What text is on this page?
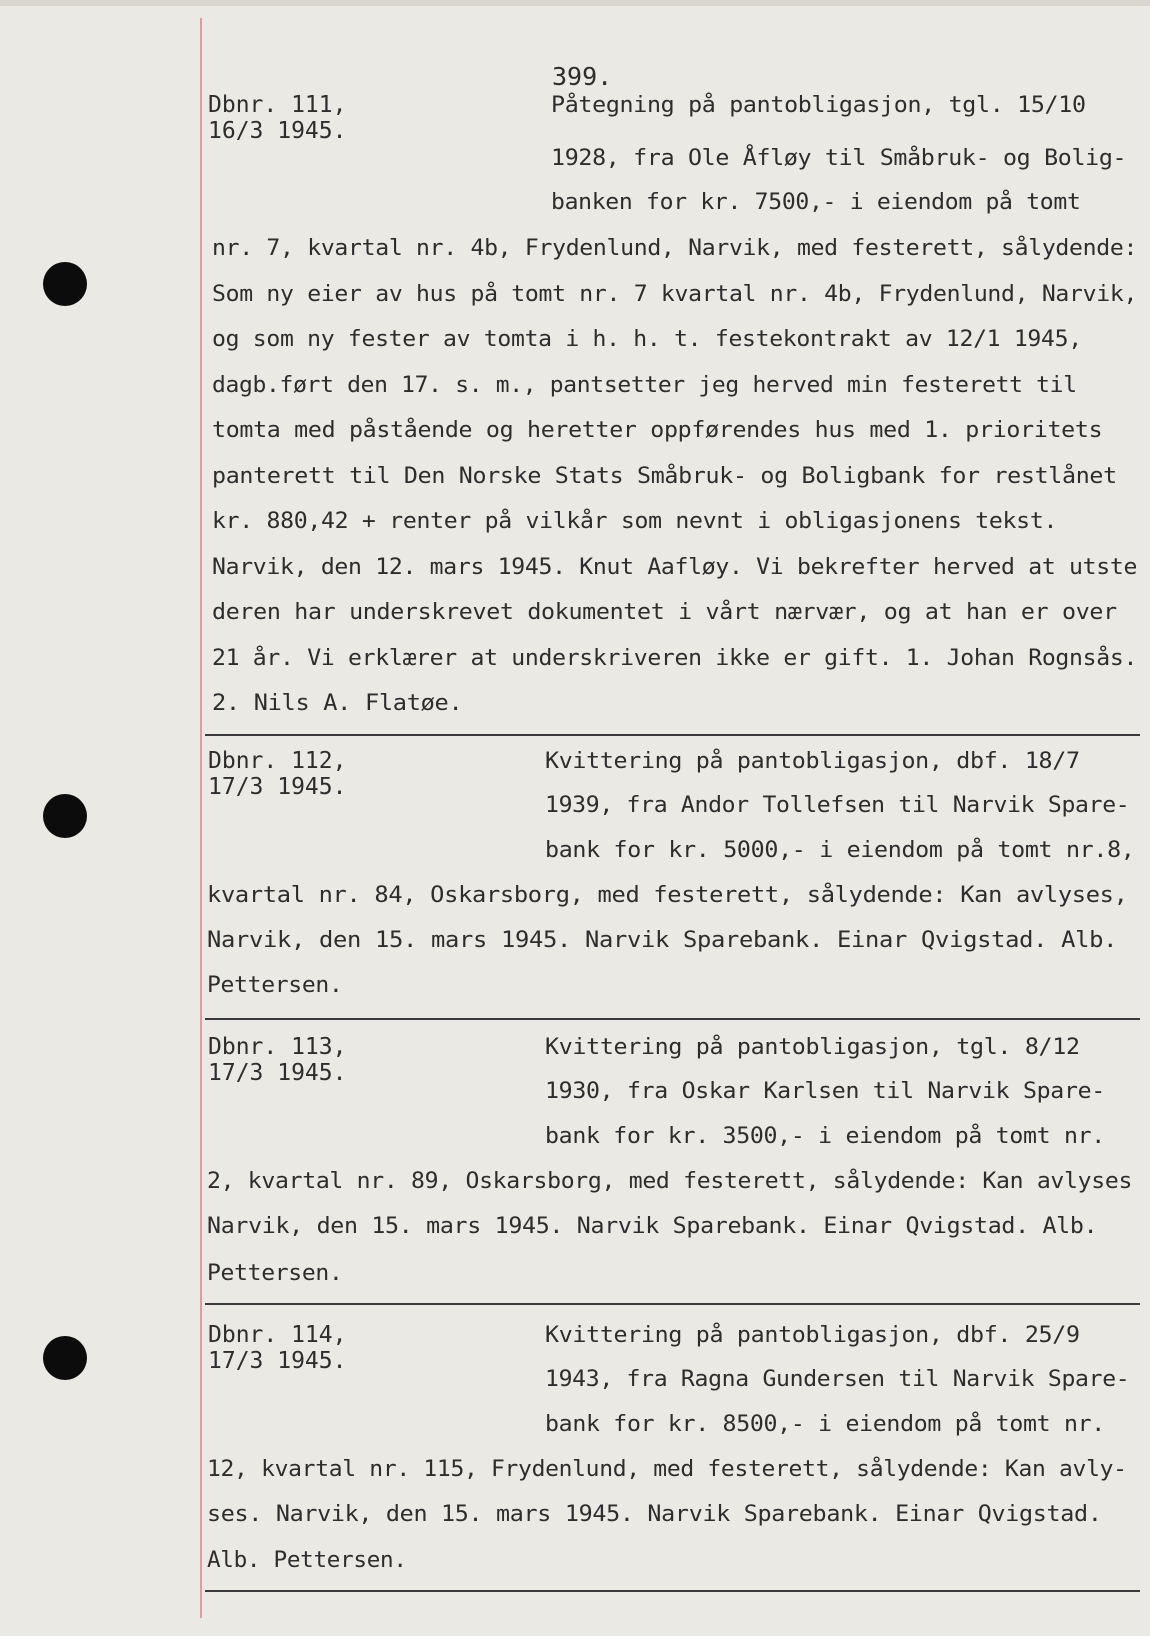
399.
Dbnr. 111,
16/3 1945.
Påtegning på pantobligasjon, tgl. 15/10
1928, fra Ole Åfløy til Småbruk- og Bolig-
banken for kr. 7500,- i eiendom på tomt
nr. 7, kvartal nr. 4b, Frydenlund, Narvik, med festerett, sålydende:
Som ny eier av hus på tomt nr. 7 kvartal nr. 4b, Frydenlund, Narvik,
og som ny fester av tomta i h. h. t. festekontrakt av 12/1 1945,
dagb.ført den 17. s. m., pantsetter jeg herved min festerett til
tomta med påstående og heretter oppførendes hus med 1. prioritets
panterett til Den Norske Stats Småbruk- og Boligbank for restlånet
kr. 880,42 + renter på vilkår som nevnt i obligasjonens tekst.
Narvik, den 12. mars 1945. Knut Aafløy. Vi bekrefter herved at utste
deren har underskrevet dokumentet i vårt nærvær, og at han er over
21 år. Vi erklærer at underskriveren ikke er gift. 1. Johan Rognsås.
2. Nils A. Flatøe.
Dbnr. 112,
17/3 1945.
Kvittering på pantobligasjon, dbf. 18/7
1939, fra Andor Tollefsen til Narvik Spare-
bank for kr. 5000,- i eiendom på tomt nr.8,
kvartal nr. 84, Oskarsborg, med festerett, sålydende: Kan avlyses,
Narvik, den 15. mars 1945. Narvik Sparebank. Einar Qvigstad. Alb.
Pettersen.
Dbnr. 113,
17/3 1945.
Kvittering på pantobligasjon, tgl. 8/12
1930, fra Oskar Karlsen til Narvik Spare-
bank for kr. 3500,- i eiendom på tomt nr.
2, kvartal nr. 89, Oskarsborg, med festerett, sålydende: Kan avlyses
Narvik, den 15. mars 1945. Narvik Sparebank. Einar Qvigstad. Alb.
Pettersen.
Dbnr. 114,
17/3 1945.
Kvittering på pantobligasjon, dbf. 25/9
1943, fra Ragna Gundersen til Narvik Spare-
bank for kr. 8500,- i eiendom på tomt nr.
12, kvartal nr. 115, Frydenlund, med festerett, sålydende: Kan avly-
ses. Narvik, den 15. mars 1945. Narvik Sparebank. Einar Qvigstad.
Alb. Pettersen.
